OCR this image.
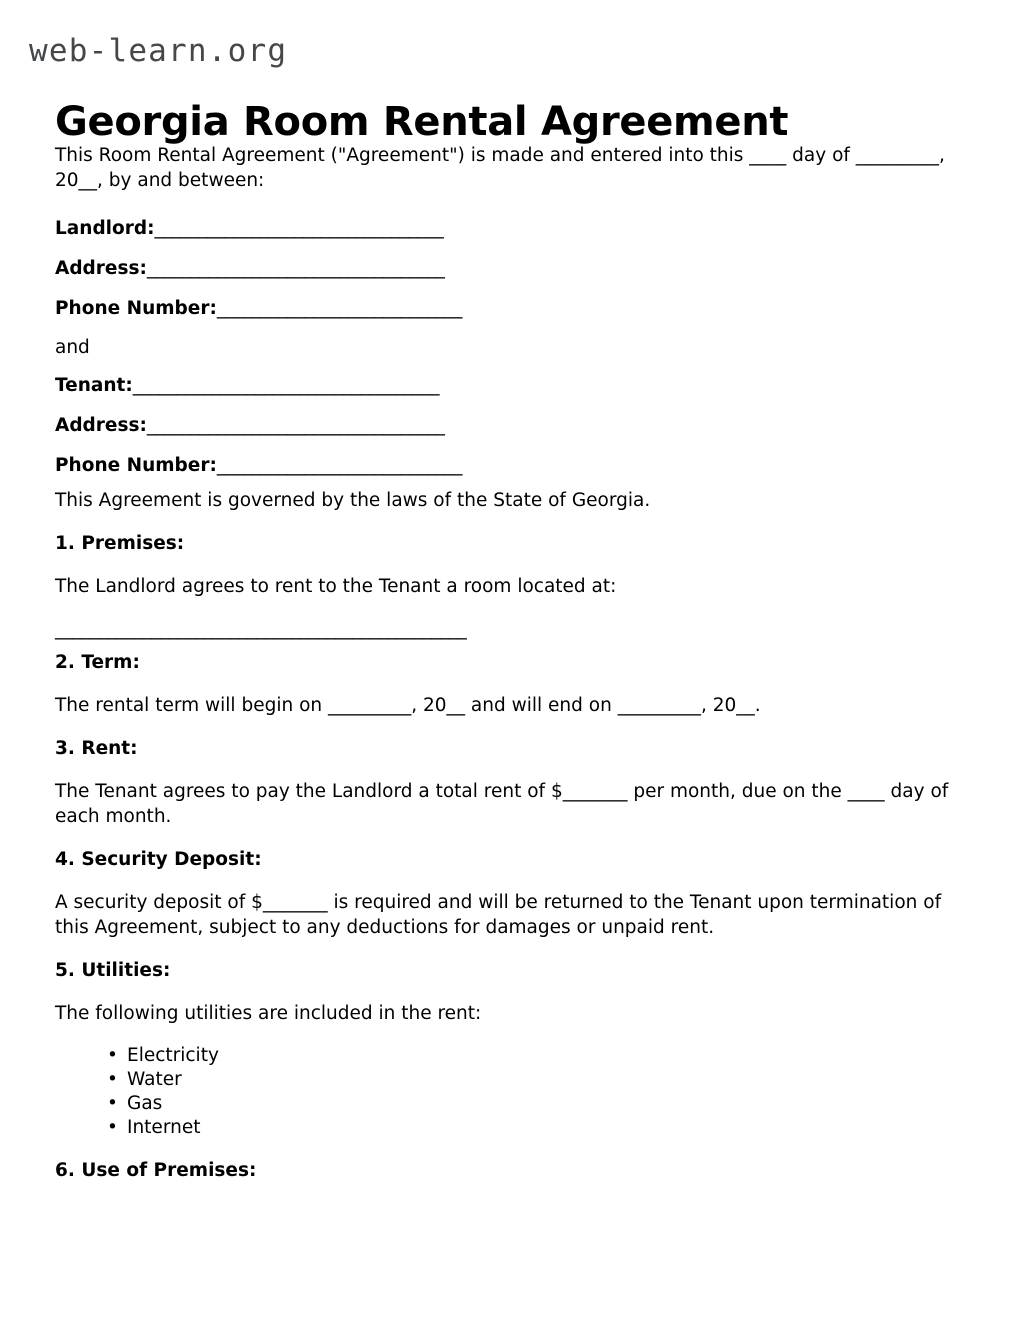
web-learn.org
Georgia Room Rental Agreement

This Room Rental Agreement ("Agreement") is made and entered into this ____ day of _________, 20__, by and between:

Landlord:_________________________________
Address:__________________________________
Phone Number:____________________________

and

Tenant:___________________________________
Address:__________________________________
Phone Number:____________________________

This Agreement is governed by the laws of the State of Georgia.

1. Premises:

The Landlord agrees to rent to the Tenant a room located at:

_______________________________________________
2. Term:

The rental term will begin on _________, 20__ and will end on _________, 20__.

3. Rent:

The Tenant agrees to pay the Landlord a total rent of $_______ per month, due on the ____ day of each month.

4. Security Deposit:

A security deposit of $_______ is required and will be returned to the Tenant upon termination of this Agreement, subject to any deductions for damages or unpaid rent.

5. Utilities:

The following utilities are included in the rent:

• Electricity
• Water
• Gas
• Internet
6. Use of Premises:
